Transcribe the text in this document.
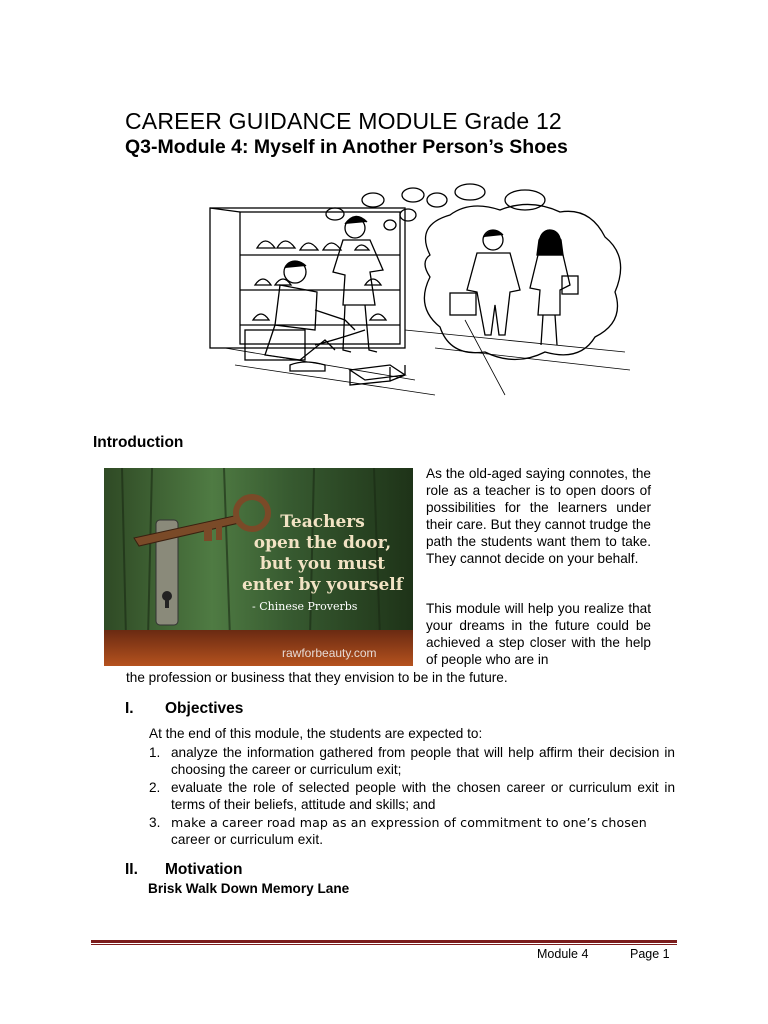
CAREER GUIDANCE MODULE Grade 12
Q3-Module 4: Myself in Another Person’s Shoes
Introduction
Teachers
open the door,
but you must
enter by yourself
- Chinese Proverbs
rawforbeauty.com
As the old-aged saying connotes, the role as a teacher is to open doors of possibilities for the learners under their care. But they cannot trudge the path the students want them to take. They cannot decide on your behalf.
This module will help you realize that your dreams in the future could be achieved a step closer with the help of people who are in
the profession or business that they envision to be in the future.
I. Objectives
At the end of this module, the students are expected to:
1. analyze the information gathered from people that will help affirm their decision in choosing the career or curriculum exit;
2. evaluate the role of selected people with the chosen career or curriculum exit in terms of their beliefs, attitude and skills; and
3. make a career road map as an expression of commitment to one’s chosen
career or curriculum exit.
II. Motivation
Brisk Walk Down Memory Lane
Module 4	Page 1
